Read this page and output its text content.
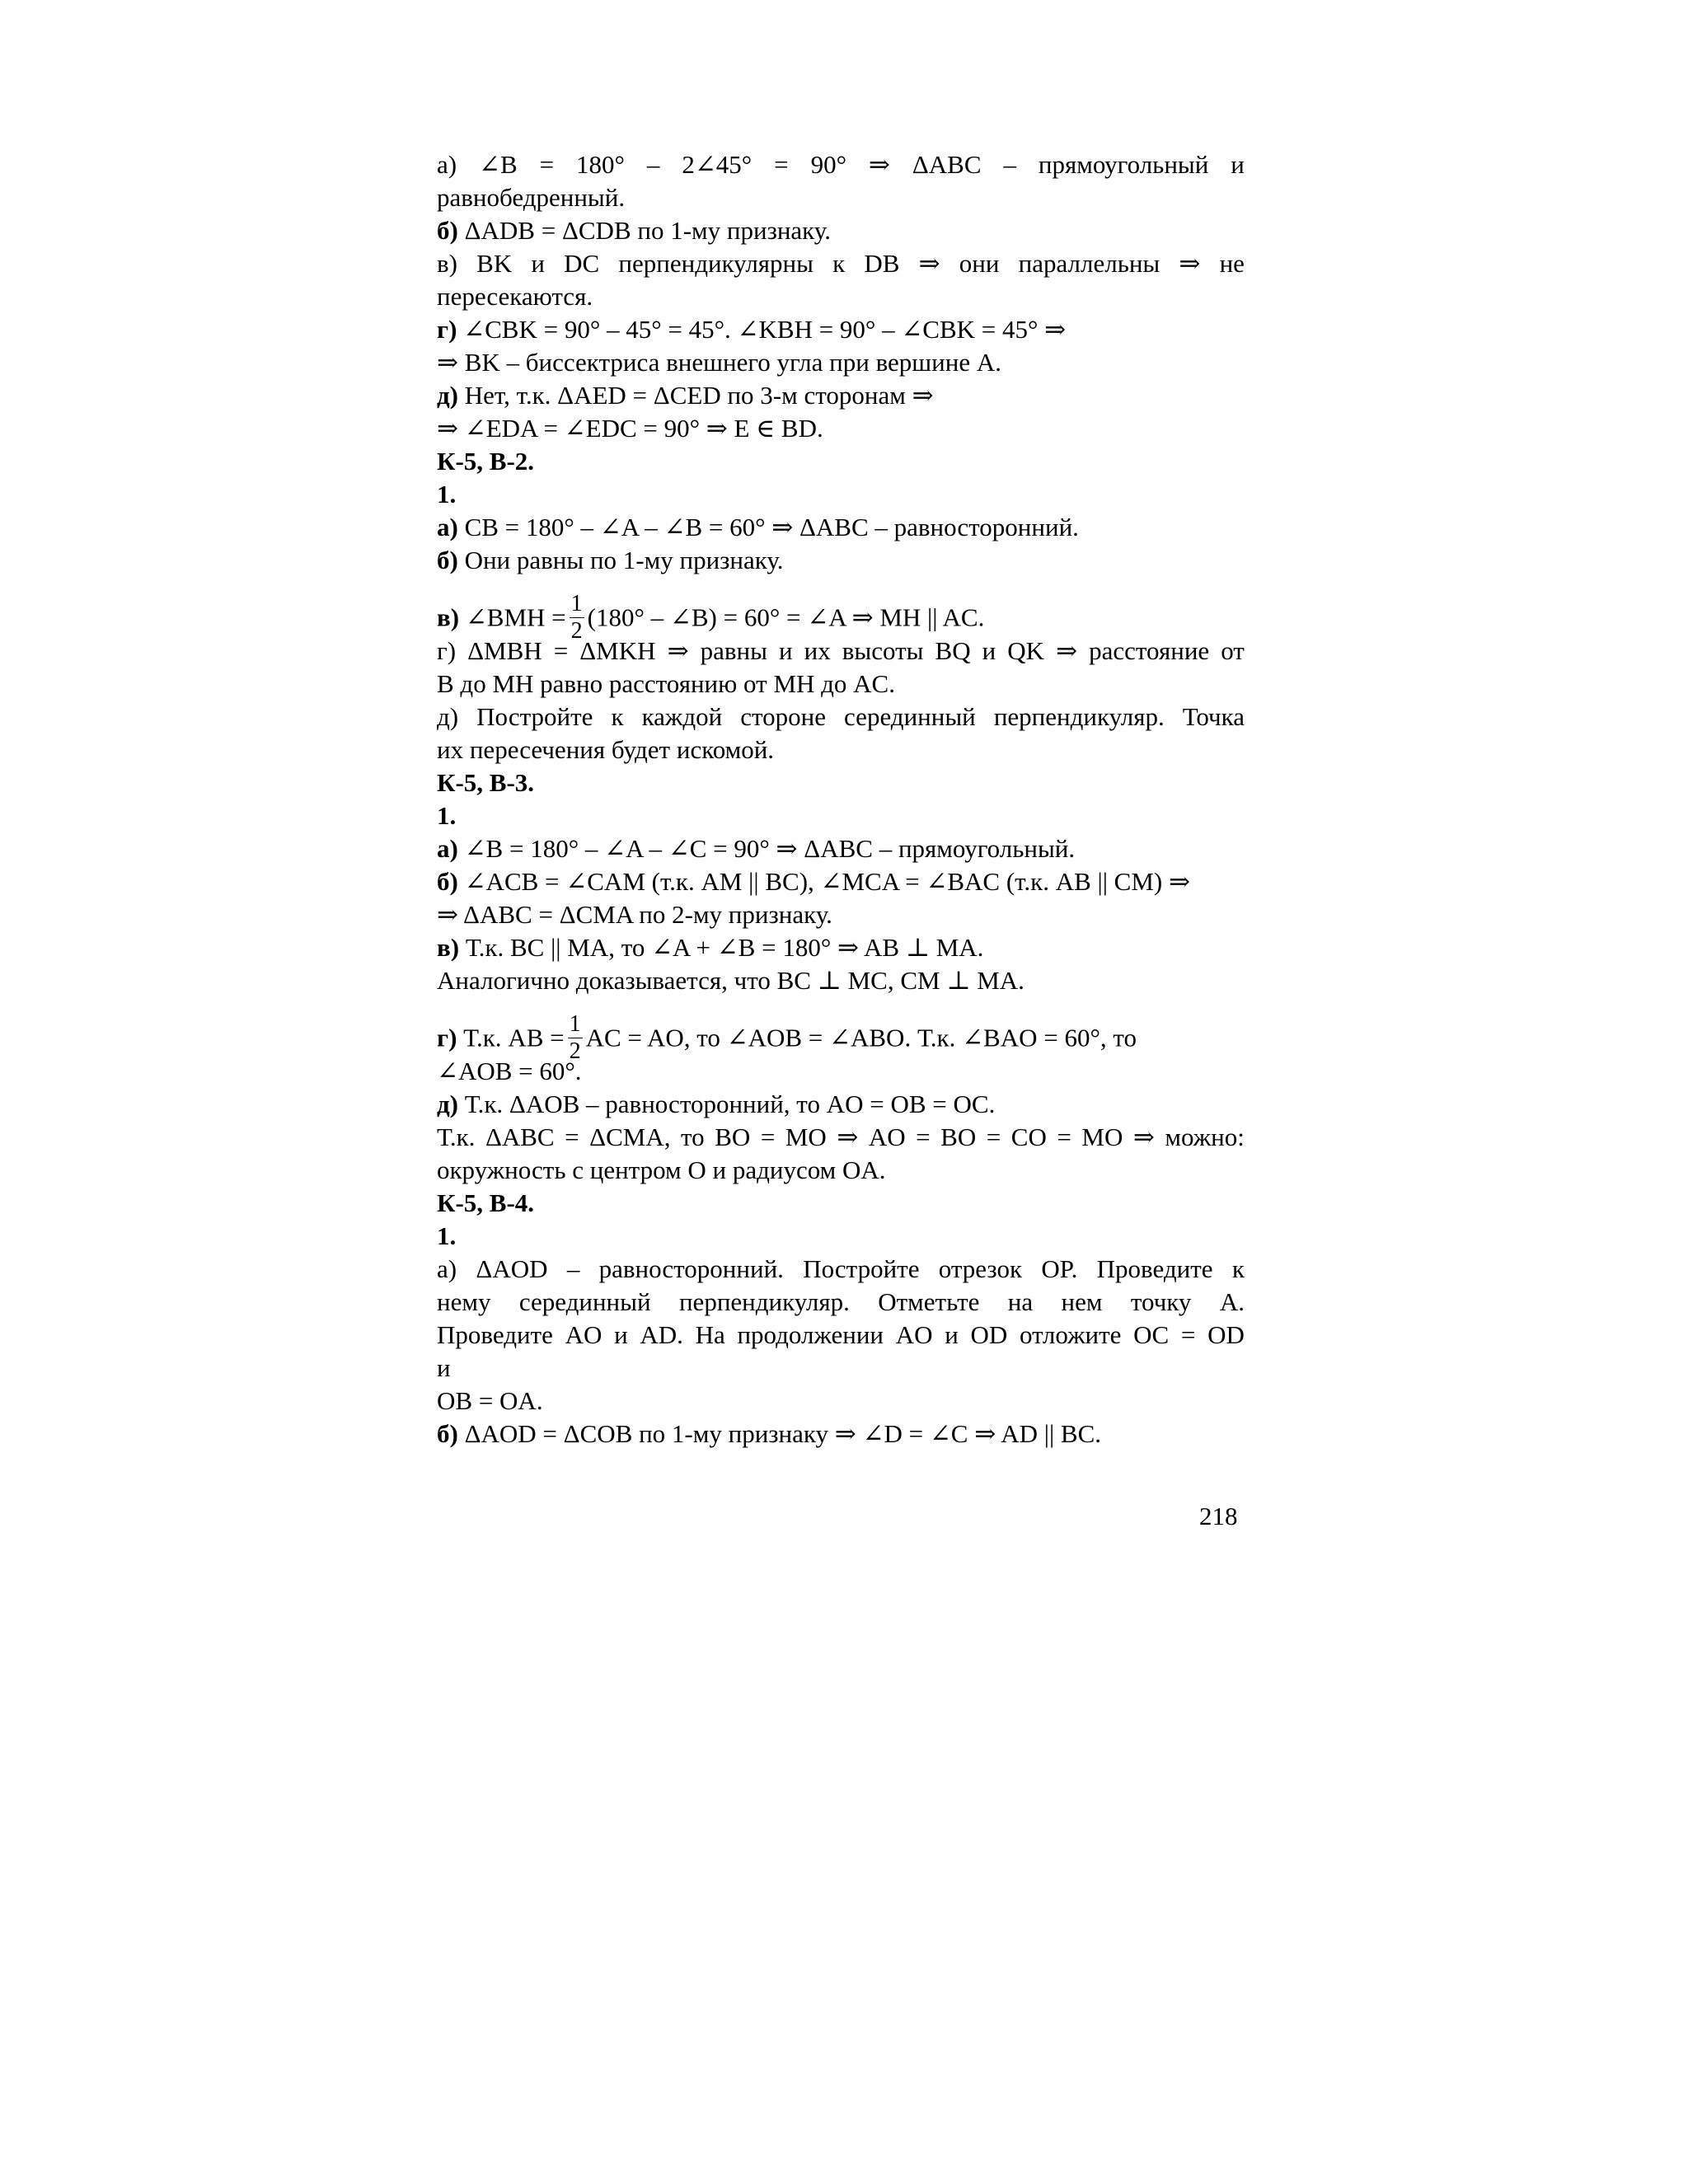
а) ∠B = 180° – 2∠45° = 90° ⇒ ΔABC – прямоугольный и
равнобедренный.
б) ΔADB = ΔCDB по 1-му признаку.
в) BK и DC перпендикулярны к DB ⇒ они параллельны ⇒ не
пересекаются.
г) ∠CBK = 90° – 45° = 45°. ∠KBH = 90° – ∠CBK = 45° ⇒
⇒ BK – биссектриса внешнего угла при вершине A.
д) Нет, т.к. ΔAED = ΔCED по 3-м сторонам ⇒
⇒ ∠EDA = ∠EDC = 90° ⇒ E ∈ BD.
К-5, В-2.
1.
а) CB = 180° – ∠A – ∠B = 60° ⇒ ΔABC – равносторонний.
б) Они равны по 1-му признаку.
в) ∠BMH = $\frac{1}{2} (180^\circ$ – ∠B) = 60° = ∠A ⇒ MH || AC.
г) ΔMBH = ΔMKH ⇒ равны и их высоты BQ и QK ⇒ расстояние от
B до MH равно расстоянию от MH до AC.
д) Постройте к каждой стороне серединный перпендикуляр. Точка
их пересечения будет искомой.
К-5, В-3.
1.
а) ∠B = 180° – ∠A – ∠C = 90° ⇒ ΔABC – прямоугольный.
б) ∠ACB = ∠CAM (т.к. AM || BC), ∠MCA = ∠BAC (т.к. AB || CM) ⇒
⇒ ΔABC = ΔCMA по 2-му признаку.
в) Т.к. BC || MA, то ∠A + ∠B = 180° ⇒ AB ⊥ MA.
Аналогично доказывается, что BC ⊥ MC, CM ⊥ MA.
г) Т.к. AB = $\frac{1}{2}$ AC = AO, то ∠AOB = ∠ABO. Т.к. ∠BAO = 60°, то
∠AOB = 60°.
д) Т.к. ΔAOB – равносторонний, то AO = OB = OC.
Т.к. ΔABC = ΔCMA, то BO = MO ⇒ AO = BO = CO = MO ⇒ можно:
окружность с центром O и радиусом OA.
К-5, В-4.
1.
а) ΔAOD – равносторонний. Постройте отрезок OP. Проведите к
нему серединный перпендикуляр. Отметьте на нем точку A.
Проведите AO и AD. На продолжении AO и OD отложите OC = OD
и
OB = OA.
б) ΔAOD = ΔCOB по 1-му признаку ⇒ ∠D = ∠C ⇒ AD || BC.
218
